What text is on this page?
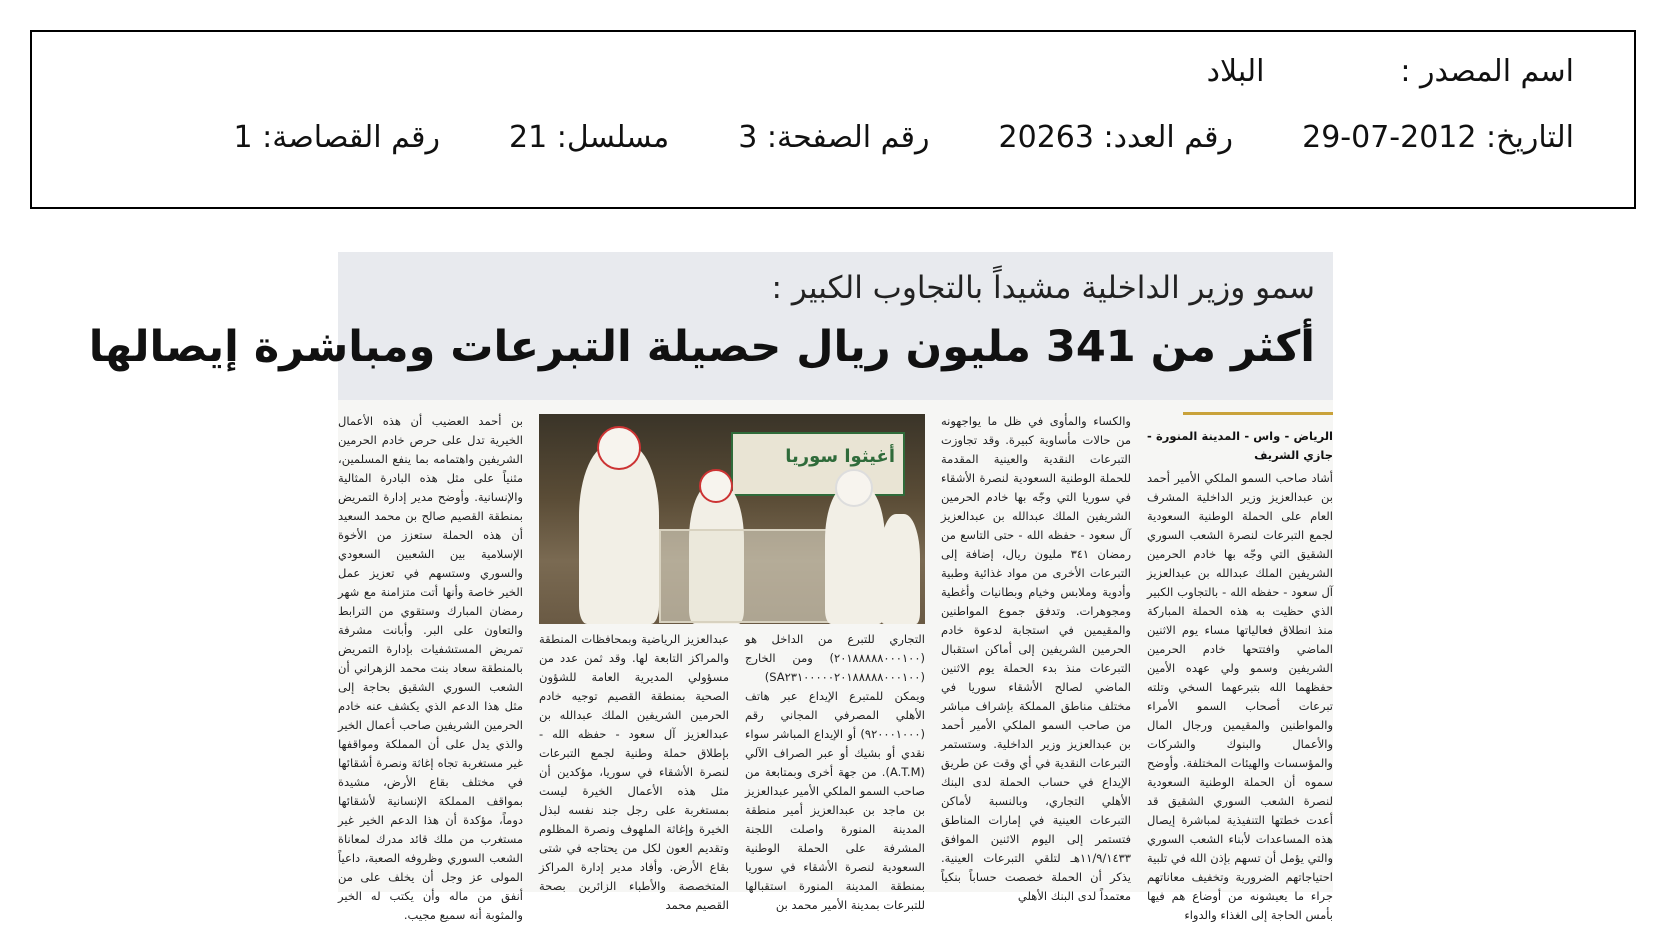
اسم المصدر : البلاد
التاريخ: 29-07-2012  رقم العدد: 20263  رقم الصفحة: 3  مسلسل: 21  رقم القصاصة: 1
سمو وزير الداخلية مشيداً بالتجاوب الكبير :
أكثر من 341 مليون ريال حصيلة التبرعات ومباشرة إيصالها

الرياض - واس - المدينة المنورة - جازي الشريف

أشاد صاحب السمو الملكي الأمير أحمد بن عبدالعزيز وزير الداخلية المشرف العام على الحملة الوطنية السعودية لجمع التبرعات لنصرة الشعب السوري الشقيق التي وجّه بها خادم الحرمين الشريفين الملك عبدالله بن عبدالعزيز آل سعود - حفظه الله - بالتجاوب الكبير الذي حظيت به هذه الحملة المباركة منذ انطلاق فعالياتها مساء يوم الاثنين الماضي وافتتحها خادم الحرمين الشريفين وسمو ولي عهده الأمين حفظهما الله بتبرعهما السخي وتلته تبرعات أصحاب السمو الأمراء والمواطنين والمقيمين ورجال المال والأعمال والبنوك والشركات والمؤسسات والهيئات المختلفة. وأوضح سموه أن الحملة الوطنية السعودية لنصرة الشعب السوري الشقيق قد أعدت خطتها التنفيذية لمباشرة إيصال هذه المساعدات لأبناء الشعب السوري والتي يؤمل أن تسهم بإذن الله في تلبية احتياجاتهم الضرورية وتخفيف معاناتهم جراء ما يعيشونه من أوضاع هم فيها بأمس الحاجة إلى الغذاء والدواء

والكساء والمأوى في ظل ما يواجهونه من حالات مأساوية كبيرة. وقد تجاوزت التبرعات النقدية والعينية المقدمة للحملة الوطنية السعودية لنصرة الأشقاء في سوريا التي وجّه بها خادم الحرمين الشريفين الملك عبدالله بن عبدالعزيز آل سعود - حفظه الله - حتى التاسع من رمضان ٣٤١ مليون ريال، إضافة إلى التبرعات الأخرى من مواد غذائية وطبية وأدوية وملابس وخيام وبطانيات وأغطية ومجوهرات. وتدفق جموع المواطنين والمقيمين في استجابة لدعوة خادم الحرمين الشريفين إلى أماكن استقبال التبرعات منذ بدء الحملة يوم الاثنين الماضي لصالح الأشقاء سوريا في مختلف مناطق المملكة بإشراف مباشر من صاحب السمو الملكي الأمير أحمد بن عبدالعزيز وزير الداخلية. وستستمر التبرعات النقدية في أي وقت عن طريق الإيداع في حساب الحملة لدى البنك الأهلي التجاري، وبالنسبة لأماكن التبرعات العينية في إمارات المناطق فتستمر إلى اليوم الاثنين الموافق ١١/٩/١٤٣٣هـ لتلقي التبرعات العينية. يذكر أن الحملة خصصت حساباً بنكياً معتمداً لدى البنك الأهلي

أغيثوا سوريا

التجاري للتبرع من الداخل هو (٢٠١٨٨٨٨٨٠٠٠١٠٠) ومن الخارج (SA٢٣١٠٠٠٠٠٢٠١٨٨٨٨٨٠٠٠١٠٠) ويمكن للمتبرع الإيداع عبر هاتف الأهلي المصرفي المجاني رقم (٩٢٠٠٠١٠٠٠) أو الإيداع المباشر سواء نقدي أو بشيك أو عبر الصراف الآلي (A.T.M). من جهة أخرى وبمتابعة من صاحب السمو الملكي الأمير عبدالعزيز بن ماجد بن عبدالعزيز أمير منطقة المدينة المنورة واصلت اللجنة المشرفة على الحملة الوطنية السعودية لنصرة الأشقاء في سوريا بمنطقة المدينة المنورة استقبالها للتبرعات بمدينة الأمير محمد بن

عبدالعزيز الرياضية وبمحافظات المنطقة والمراكز التابعة لها. وقد ثمن عدد من مسؤولي المديرية العامة للشؤون الصحية بمنطقة القصيم توجيه خادم الحرمين الشريفين الملك عبدالله بن عبدالعزيز آل سعود - حفظه الله - بإطلاق حملة وطنية لجمع التبرعات لنصرة الأشقاء في سوريا، مؤكدين أن مثل هذه الأعمال الخيرة ليست بمستغربة على رجل جند نفسه لبذل الخيرة وإغاثة الملهوف ونصرة المظلوم وتقديم العون لكل من يحتاجه في شتى بقاع الأرض. وأفاد مدير إدارة المراكز المتخصصة والأطباء الزائرين بصحة القصيم محمد

بن أحمد العضيب أن هذه الأعمال الخيرية تدل على حرص خادم الحرمين الشريفين واهتمامه بما ينفع المسلمين، مثنياً على مثل هذه البادرة المثالية والإنسانية. وأوضح مدير إدارة التمريض بمنطقة القصيم صالح بن محمد السعيد أن هذه الحملة ستعزز من الأخوة الإسلامية بين الشعبين السعودي والسوري وستسهم في تعزيز عمل الخير خاصة وأنها أتت متزامنة مع شهر رمضان المبارك وستقوي من الترابط والتعاون على البر. وأبانت مشرفة تمريض المستشفيات بإدارة التمريض بالمنطقة سعاد بنت محمد الزهراني أن الشعب السوري الشقيق بحاجة إلى مثل هذا الدعم الذي يكشف عنه خادم الحرمين الشريفين صاحب أعمال الخير والذي يدل على أن المملكة ومواقفها غير مستغربة تجاه إغاثة ونصرة أشقائها في مختلف بقاع الأرض، مشيدة بمواقف المملكة الإنسانية لأشقائها دوماً، مؤكدة أن هذا الدعم الخير غير مستغرب من ملك قائد مدرك لمعاناة الشعب السوري وظروفه الصعبة، داعياً المولى عز وجل أن يخلف على من أنفق من ماله وأن يكتب له الخير والمثوبة أنه سميع مجيب.
